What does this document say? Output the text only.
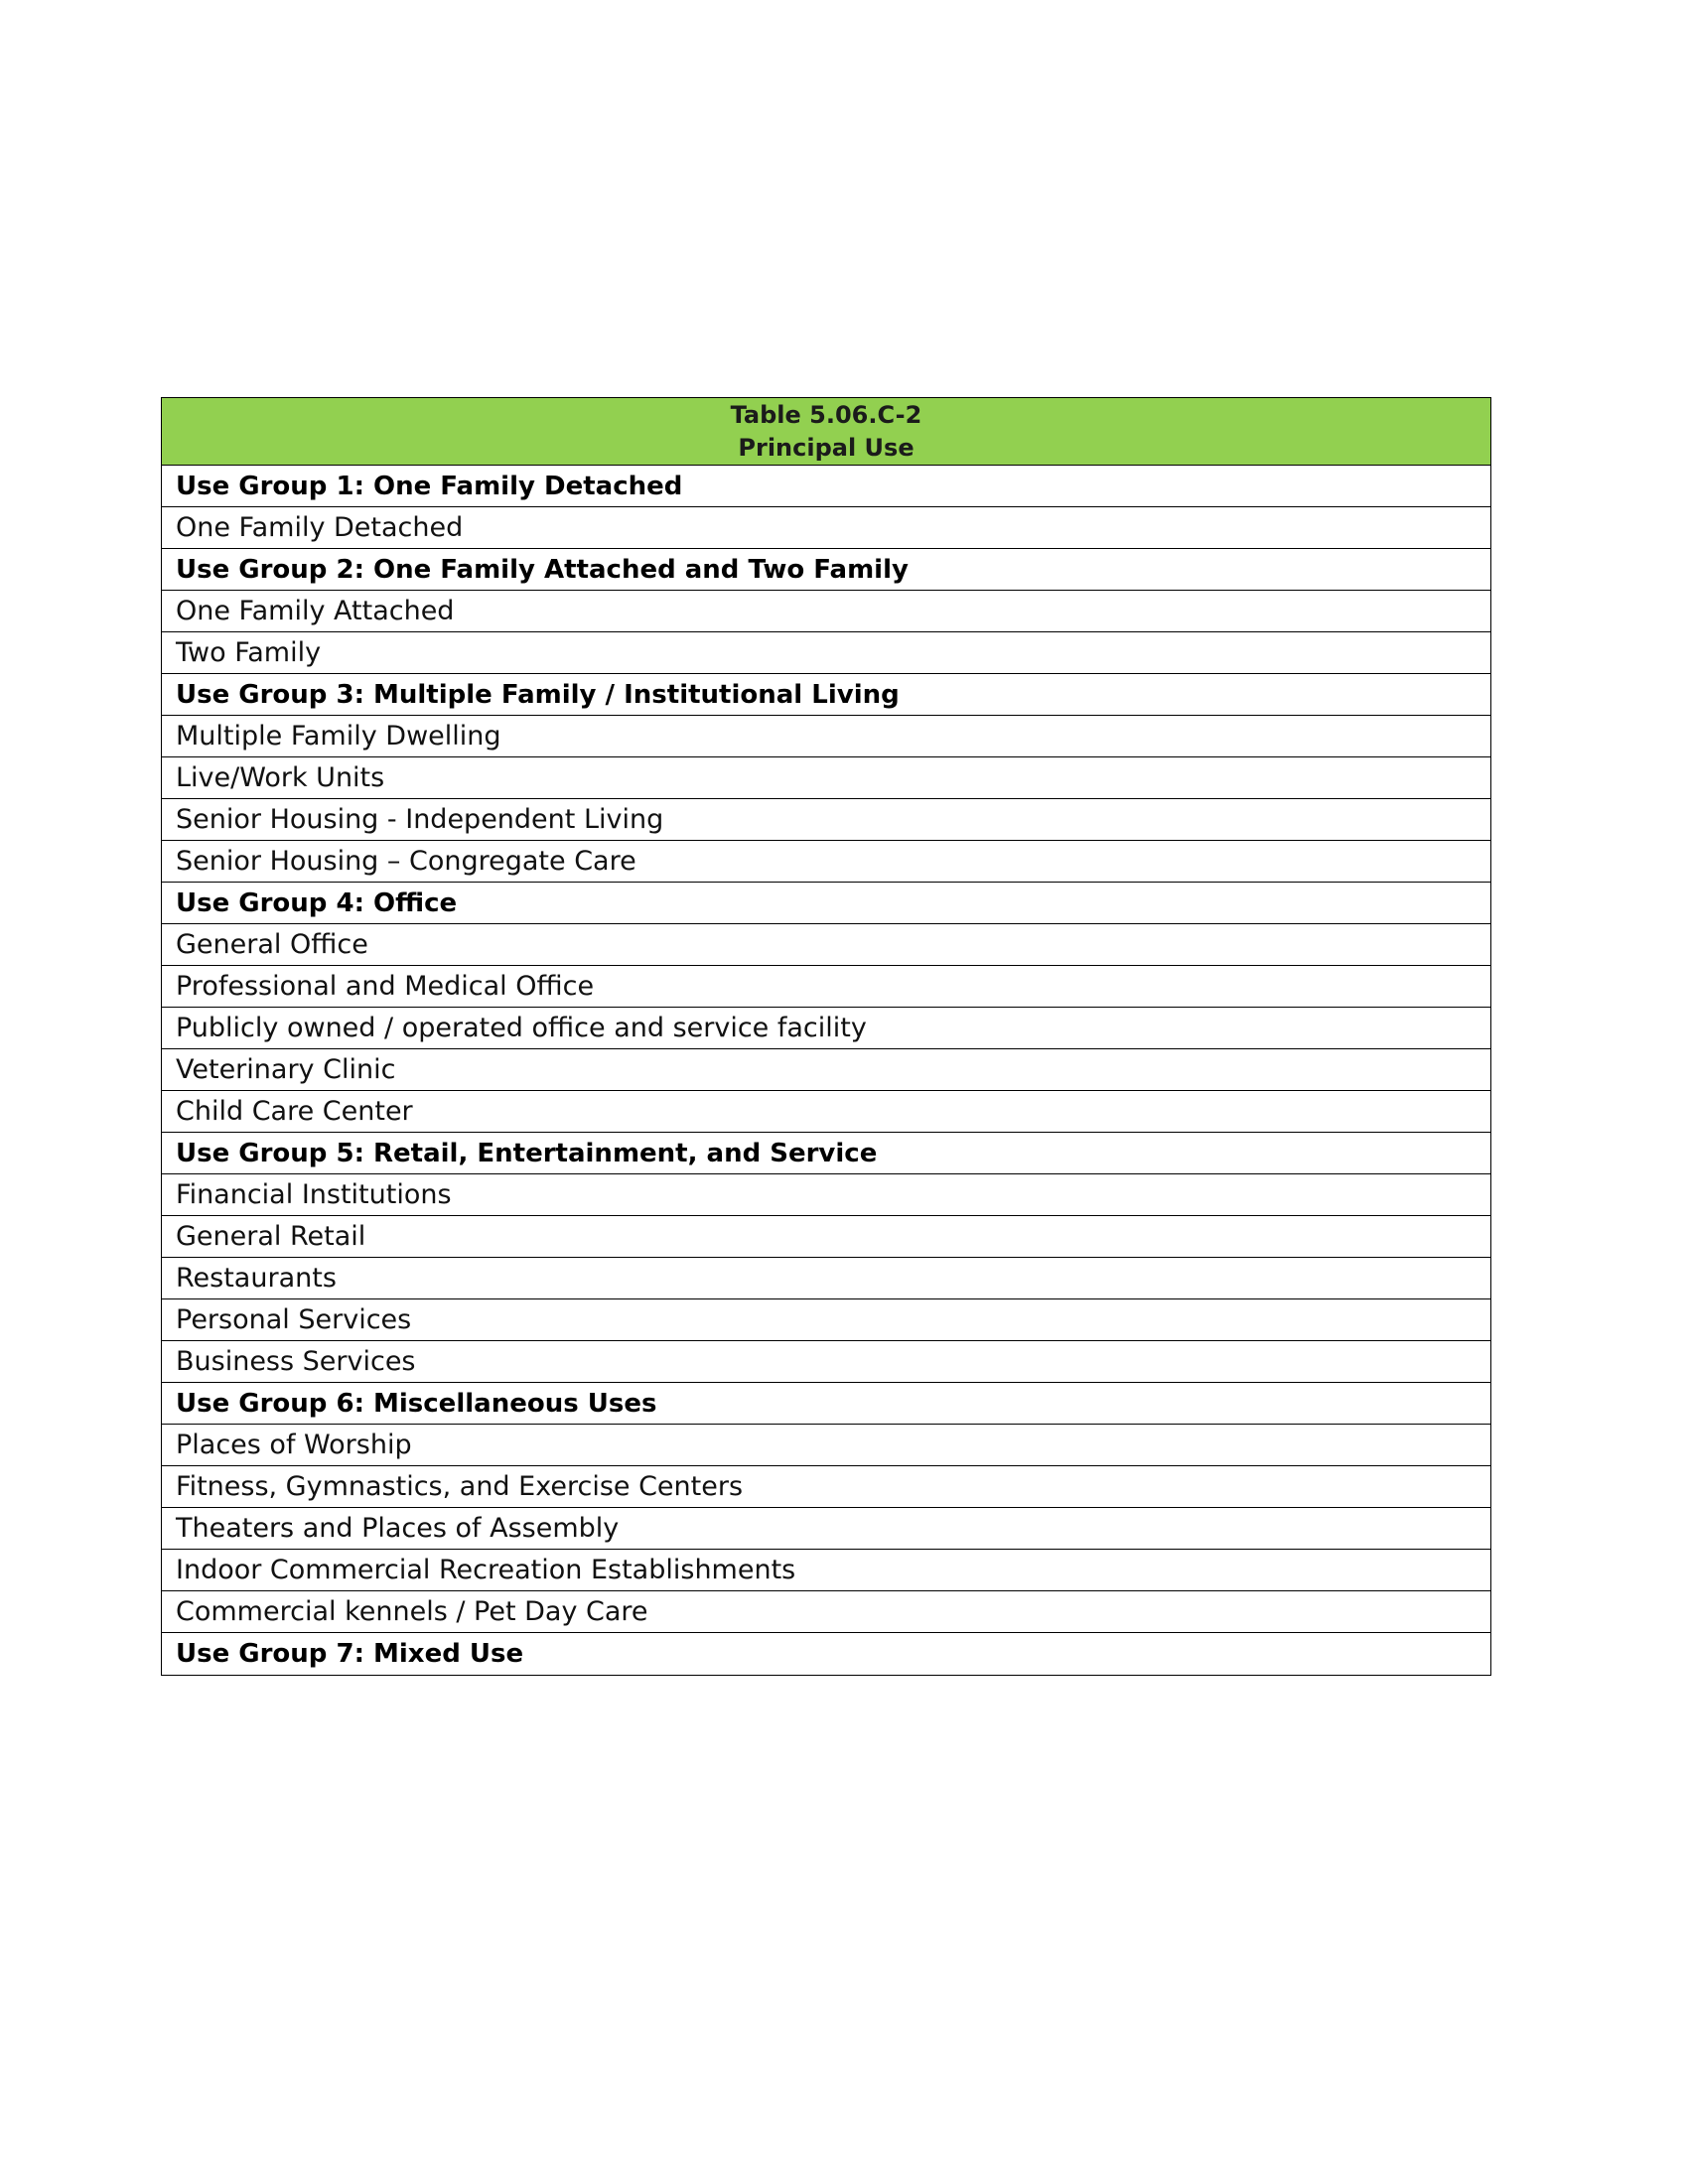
Table 5.06.C-2
Principal Use
Use Group 1: One Family Detached
One Family Detached
Use Group 2: One Family Attached and Two Family
One Family Attached
Two Family
Use Group 3: Multiple Family / Institutional Living
Multiple Family Dwelling
Live/Work Units
Senior Housing - Independent Living
Senior Housing – Congregate Care
Use Group 4: Office
General Office
Professional and Medical Office
Publicly owned / operated office and service facility
Veterinary Clinic
Child Care Center
Use Group 5: Retail, Entertainment, and Service
Financial Institutions
General Retail
Restaurants
Personal Services
Business Services
Use Group 6: Miscellaneous Uses
Places of Worship
Fitness, Gymnastics, and Exercise Centers
Theaters and Places of Assembly
Indoor Commercial Recreation Establishments
Commercial kennels / Pet Day Care
Use Group 7: Mixed Use
